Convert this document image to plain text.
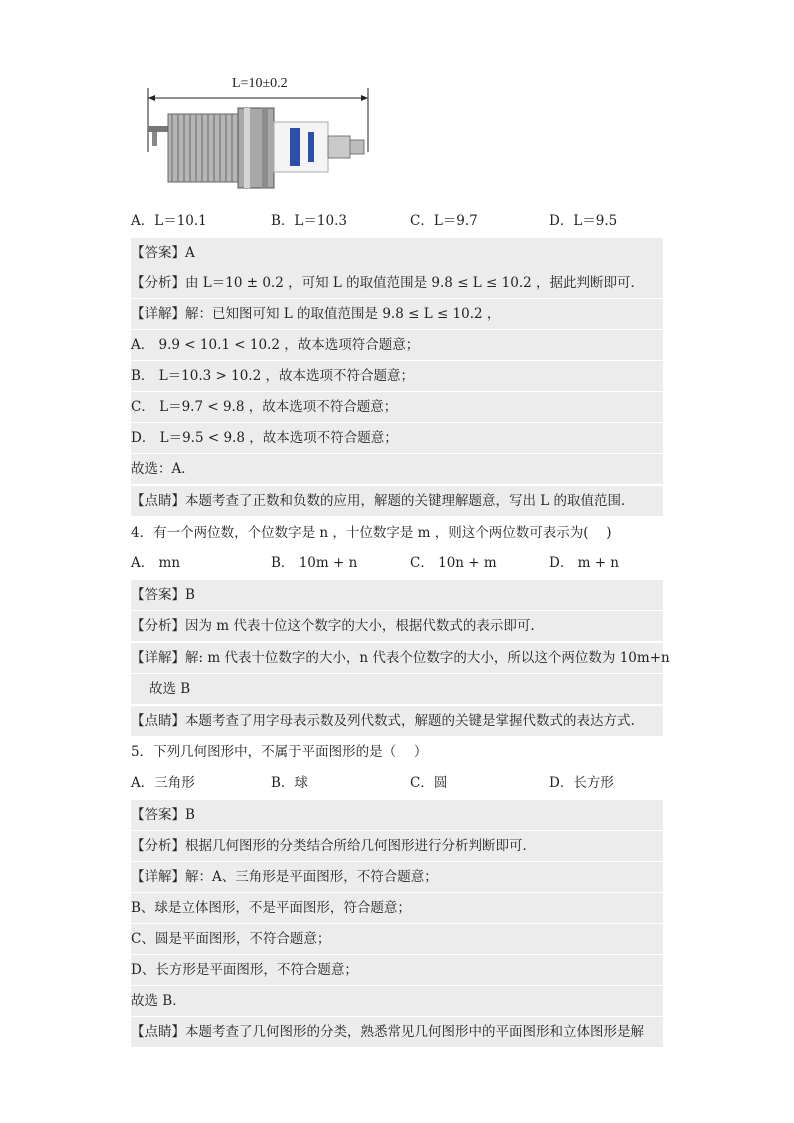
L=10±0.2
A．L＝10.1	B．L＝10.3	C．L＝9.7	D．L＝9.5
【答案】A
【分析】由 L＝10 ± 0.2 ，可知 L 的取值范围是 9.8 ≤ L ≤ 10.2 ，据此判断即可．
【详解】解：已知图可知 L 的取值范围是 9.8 ≤ L ≤ 10.2 ，
A． 9.9 < 10.1 < 10.2 ，故本选项符合题意；
B． L＝10.3 > 10.2 ，故本选项不符合题意；
C． L＝9.7 < 9.8 ，故本选项不符合题意；
D． L＝9.5 < 9.8 ，故本选项不符合题意；
故选：A．
【点睛】本题考查了正数和负数的应用，解题的关键理解题意，写出 L 的取值范围．
4．有一个两位数，个位数字是 n ，十位数字是 m ，则这个两位数可表示为(　 )
A． mn	B． 10m + n	C． 10n + m	D． m + n
【答案】B
【分析】因为 m 代表十位这个数字的大小，根据代数式的表示即可.
【详解】解: m 代表十位数字的大小，n 代表个位数字的大小，所以这个两位数为 10m+n
故选 B
【点睛】本题考查了用字母表示数及列代数式，解题的关键是掌握代数式的表达方式.
5．下列几何图形中，不属于平面图形的是（　 ）
A．三角形	B．球	C．圆	D．长方形
【答案】B
【分析】根据几何图形的分类结合所给几何图形进行分析判断即可．
【详解】解：A、三角形是平面图形，不符合题意；
B、球是立体图形，不是平面图形，符合题意；
C、圆是平面图形，不符合题意；
D、长方形是平面图形，不符合题意；
故选 B．
【点睛】本题考查了几何图形的分类，熟悉常见几何图形中的平面图形和立体图形是解
